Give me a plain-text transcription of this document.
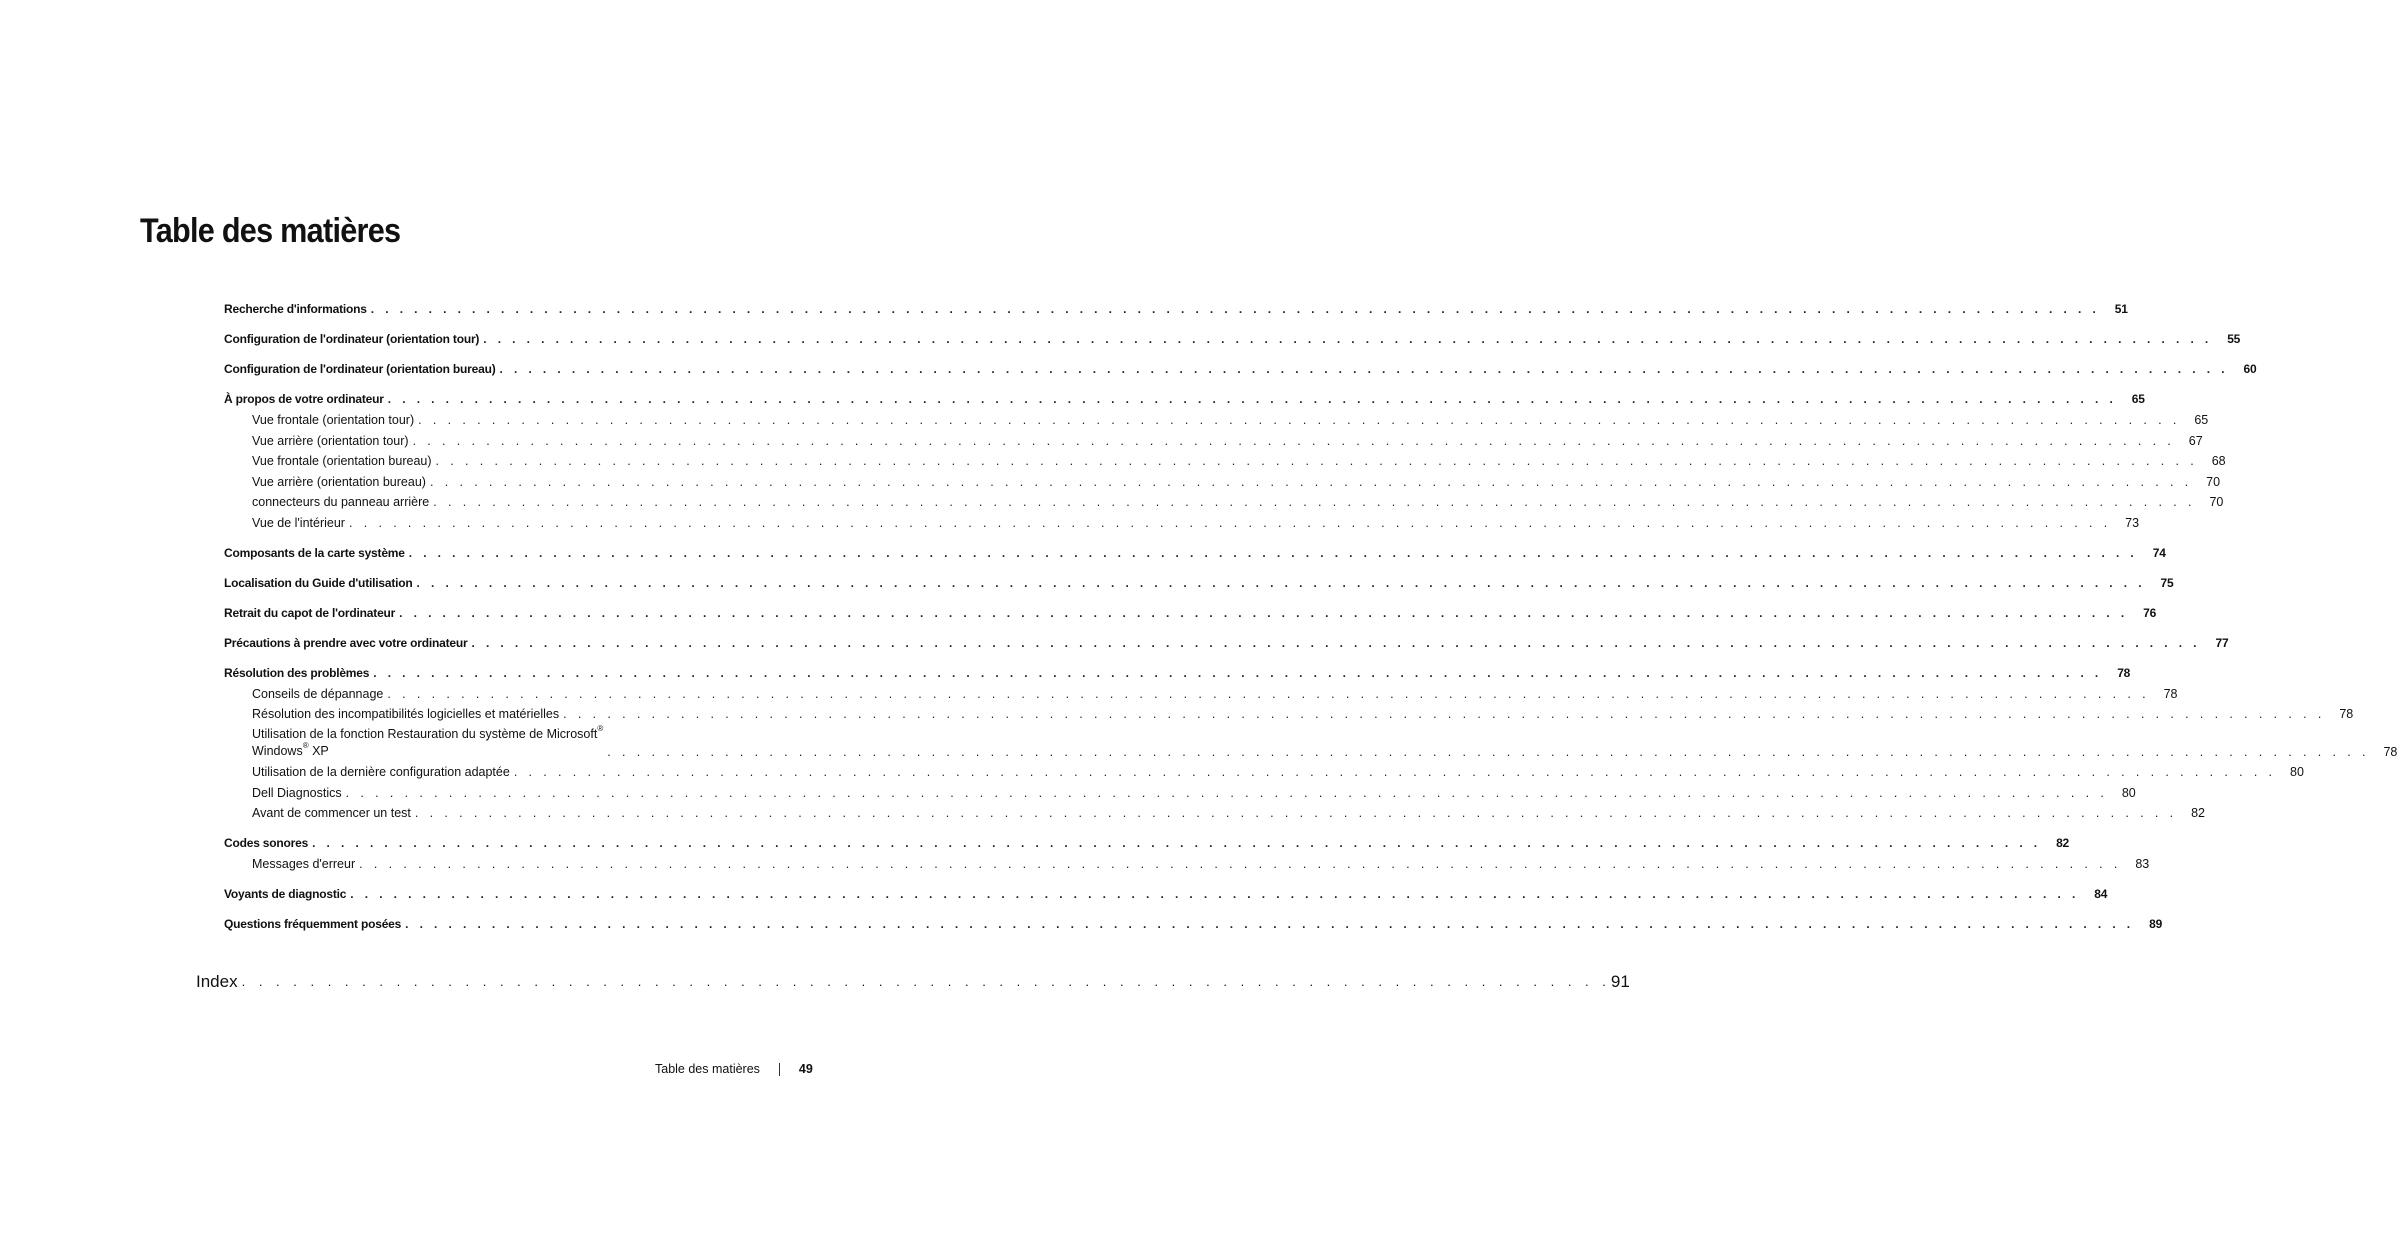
Table des matières
Recherche d'informations . . . . . . . . . . . . . . . . . . . . . . . . . . . . . . . . . . . . . . . . . . . . . . . . . . . . . . . . . . . . . . . . . . . . . . . . . . . . . . . . . . . . . . . . . . . . . . . . . . . . . . . . . . . . . . . . . . . . . . . .	51
Configuration de l'ordinateur (orientation tour) . . . . . . . . . . . . . . . . . . . . . . . . . . . . . . . . . . . . . . . . . . . . . . . . . . . . . . . . . . . . . . . . . . . . . . . . . . . . . . . . . . . . . . . . . . . . . . . . . . . . . . . . . . . . . . . . . . . . . . . .	55
Configuration de l'ordinateur (orientation bureau) . . . . . . . . . . . . . . . . . . . . . . . . . . . . . . . . . . . . . . . . . . . . . . . . . . . . . . . . . . . . . . . . . . . . . . . . . . . . . . . . . . . . . . . . . . . . . . . . . . . . . . . . . . . . . . . . . . . . . . . .	60
À propos de votre ordinateur . . . . . . . . . . . . . . . . . . . . . . . . . . . . . . . . . . . . . . . . . . . . . . . . . . . . . . . . . . . . . . . . . . . . . . . . . . . . . . . . . . . . . . . . . . . . . . . . . . . . . . . . . . . . . . . . . . . . . . . .	65
Vue frontale (orientation tour) . . . . . . . . . . . . . . . . . . . . . . . . . . . . . . . . . . . . . . . . . . . . . . . . . . . . . . . . . . . . . . . . . . . . . . . . . . . . . . . . . . . . . . . . . . . . . . . . . . . . . . . . . . . . . . . . . . . . . . . .	65
Vue arrière (orientation tour) . . . . . . . . . . . . . . . . . . . . . . . . . . . . . . . . . . . . . . . . . . . . . . . . . . . . . . . . . . . . . . . . . . . . . . . . . . . . . . . . . . . . . . . . . . . . . . . . . . . . . . . . . . . . . . . . . . . . . . . .	67
Vue frontale (orientation bureau) . . . . . . . . . . . . . . . . . . . . . . . . . . . . . . . . . . . . . . . . . . . . . . . . . . . . . . . . . . . . . . . . . . . . . . . . . . . . . . . . . . . . . . . . . . . . . . . . . . . . . . . . . . . . . . . . . . . . . . . .	68
Vue arrière (orientation bureau) . . . . . . . . . . . . . . . . . . . . . . . . . . . . . . . . . . . . . . . . . . . . . . . . . . . . . . . . . . . . . . . . . . . . . . . . . . . . . . . . . . . . . . . . . . . . . . . . . . . . . . . . . . . . . . . . . . . . . . . .	70
connecteurs du panneau arrière . . . . . . . . . . . . . . . . . . . . . . . . . . . . . . . . . . . . . . . . . . . . . . . . . . . . . . . . . . . . . . . . . . . . . . . . . . . . . . . . . . . . . . . . . . . . . . . . . . . . . . . . . . . . . . . . . . . . . . . .	70
Vue de l'intérieur . . . . . . . . . . . . . . . . . . . . . . . . . . . . . . . . . . . . . . . . . . . . . . . . . . . . . . . . . . . . . . . . . . . . . . . . . . . . . . . . . . . . . . . . . . . . . . . . . . . . . . . . . . . . . . . . . . . . . . . .	73
Composants de la carte système . . . . . . . . . . . . . . . . . . . . . . . . . . . . . . . . . . . . . . . . . . . . . . . . . . . . . . . . . . . . . . . . . . . . . . . . . . . . . . . . . . . . . . . . . . . . . . . . . . . . . . . . . . . . . . . . . . . . . . . .	74
Localisation du Guide d'utilisation . . . . . . . . . . . . . . . . . . . . . . . . . . . . . . . . . . . . . . . . . . . . . . . . . . . . . . . . . . . . . . . . . . . . . . . . . . . . . . . . . . . . . . . . . . . . . . . . . . . . . . . . . . . . . . . . . . . . . . . .	75
Retrait du capot de l'ordinateur . . . . . . . . . . . . . . . . . . . . . . . . . . . . . . . . . . . . . . . . . . . . . . . . . . . . . . . . . . . . . . . . . . . . . . . . . . . . . . . . . . . . . . . . . . . . . . . . . . . . . . . . . . . . . . . . . . . . . . . .	76
Précautions à prendre avec votre ordinateur . . . . . . . . . . . . . . . . . . . . . . . . . . . . . . . . . . . . . . . . . . . . . . . . . . . . . . . . . . . . . . . . . . . . . . . . . . . . . . . . . . . . . . . . . . . . . . . . . . . . . . . . . . . . . . . . . . . . . . . .	77
Résolution des problèmes . . . . . . . . . . . . . . . . . . . . . . . . . . . . . . . . . . . . . . . . . . . . . . . . . . . . . . . . . . . . . . . . . . . . . . . . . . . . . . . . . . . . . . . . . . . . . . . . . . . . . . . . . . . . . . . . . . . . . . . .	78
Conseils de dépannage . . . . . . . . . . . . . . . . . . . . . . . . . . . . . . . . . . . . . . . . . . . . . . . . . . . . . . . . . . . . . . . . . . . . . . . . . . . . . . . . . . . . . . . . . . . . . . . . . . . . . . . . . . . . . . . . . . . . . . . .	78
Résolution des incompatibilités logicielles et matérielles . . . . . . . . . . . . . . . . . . . . . . . . . . . . . . . . . . . . . . . . . . . . . . . . . . . . . . . . . . . . . . . . . . . . . . . . . . . . . . . . . . . . . . . . . . . . . . . . . . . . . . . . . . . . . . . . . . . . . . . .	78
Utilisation de la fonction Restauration du système de Microsoft®
Windows® XP	. . . . . . . . . . . . . . . . . . . . . . . . . . . . . . . . . . . . . . . . . . . . . . . . . . . . . . . . . . . . . . . . . . . . . . . . . . . . . . . . . . . . . . . . . . . . . . . . . . . . . . . . . . . . . . . . . . . . . . . .	78
Utilisation de la dernière configuration adaptée . . . . . . . . . . . . . . . . . . . . . . . . . . . . . . . . . . . . . . . . . . . . . . . . . . . . . . . . . . . . . . . . . . . . . . . . . . . . . . . . . . . . . . . . . . . . . . . . . . . . . . . . . . . . . . . . . . . . . . . .	80
Dell Diagnostics . . . . . . . . . . . . . . . . . . . . . . . . . . . . . . . . . . . . . . . . . . . . . . . . . . . . . . . . . . . . . . . . . . . . . . . . . . . . . . . . . . . . . . . . . . . . . . . . . . . . . . . . . . . . . . . . . . . . . . . .	80
Avant de commencer un test . . . . . . . . . . . . . . . . . . . . . . . . . . . . . . . . . . . . . . . . . . . . . . . . . . . . . . . . . . . . . . . . . . . . . . . . . . . . . . . . . . . . . . . . . . . . . . . . . . . . . . . . . . . . . . . . . . . . . . . .	82
Codes sonores . . . . . . . . . . . . . . . . . . . . . . . . . . . . . . . . . . . . . . . . . . . . . . . . . . . . . . . . . . . . . . . . . . . . . . . . . . . . . . . . . . . . . . . . . . . . . . . . . . . . . . . . . . . . . . . . . . . . . . . .	82
Messages d'erreur . . . . . . . . . . . . . . . . . . . . . . . . . . . . . . . . . . . . . . . . . . . . . . . . . . . . . . . . . . . . . . . . . . . . . . . . . . . . . . . . . . . . . . . . . . . . . . . . . . . . . . . . . . . . . . . . . . . . . . . .	83
Voyants de diagnostic . . . . . . . . . . . . . . . . . . . . . . . . . . . . . . . . . . . . . . . . . . . . . . . . . . . . . . . . . . . . . . . . . . . . . . . . . . . . . . . . . . . . . . . . . . . . . . . . . . . . . . . . . . . . . . . . . . . . . . . .	84
Questions fréquemment posées . . . . . . . . . . . . . . . . . . . . . . . . . . . . . . . . . . . . . . . . . . . . . . . . . . . . . . . . . . . . . . . . . . . . . . . . . . . . . . . . . . . . . . . . . . . . . . . . . . . . . . . . . . . . . . . . . . . . . . . .	89
Index . . . . . . . . . . . . . . . . . . . . . . . . . . . . . . . . . . . . . . . . . . . . . . . . . . . . . . . . . . . . . . . . . . . . . . . . . . . . . . . . 91
Table des matières	49
